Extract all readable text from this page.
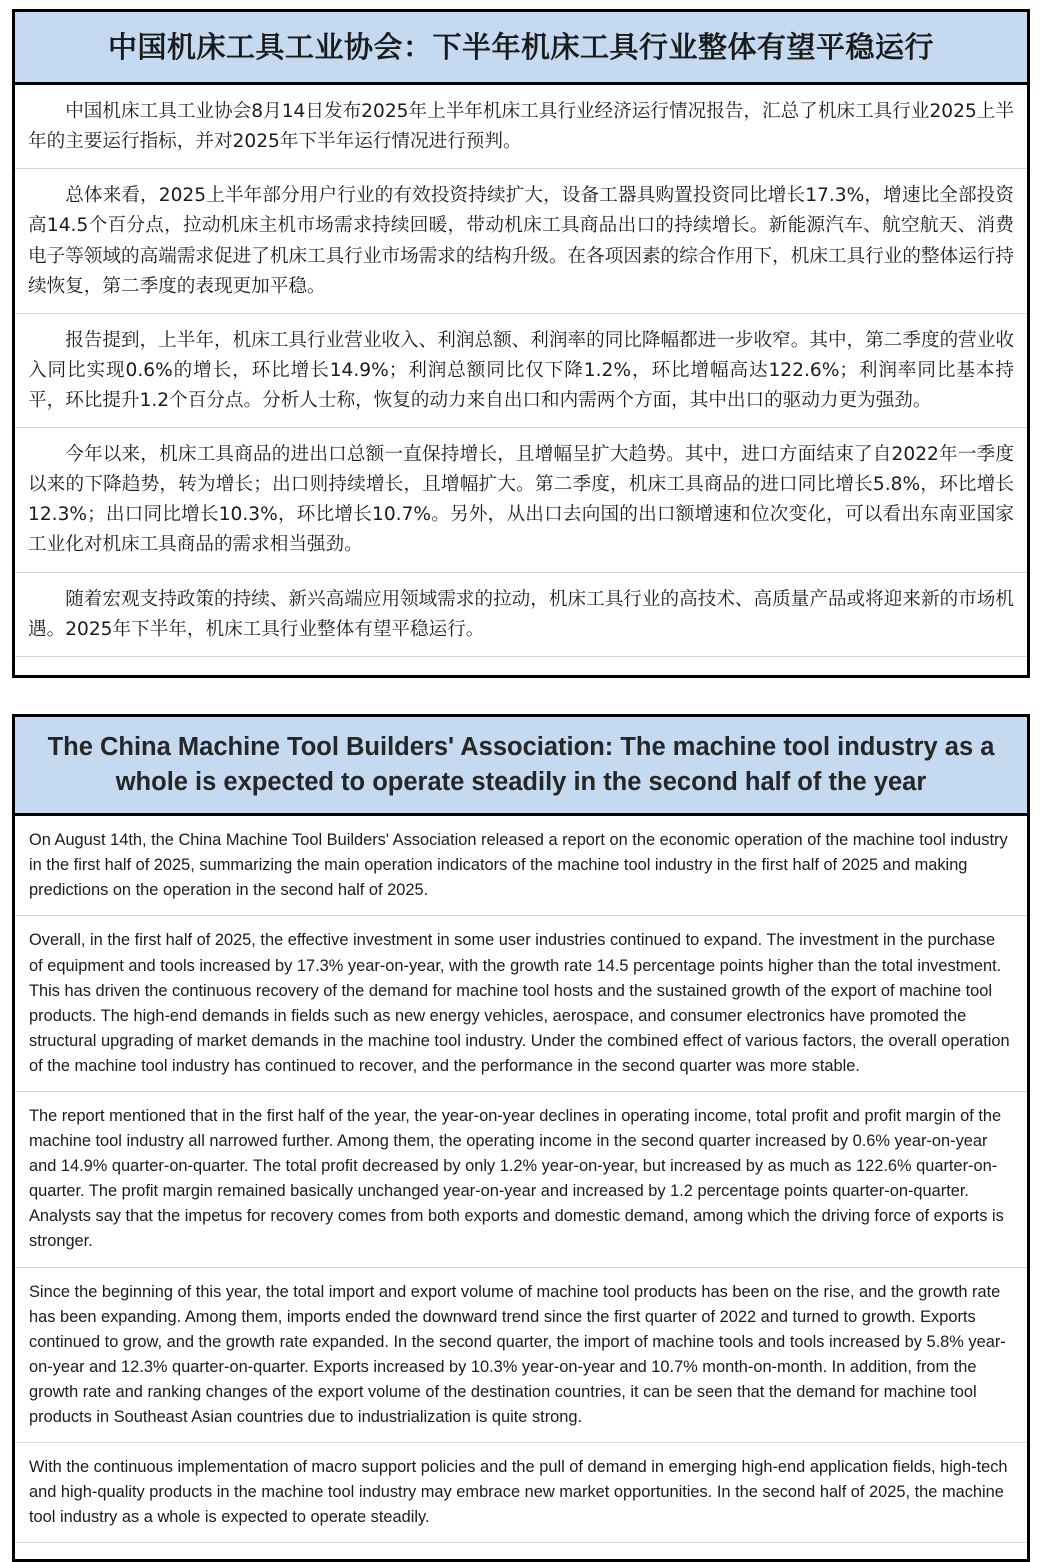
中国机床工具工业协会：下半年机床工具行业整体有望平稳运行
中国机床工具工业协会8月14日发布2025年上半年机床工具行业经济运行情况报告，汇总了机床工具行业2025上半年的主要运行指标，并对2025年下半年运行情况进行预判。
总体来看，2025上半年部分用户行业的有效投资持续扩大，设备工器具购置投资同比增长17.3%，增速比全部投资高14.5个百分点，拉动机床主机市场需求持续回暖，带动机床工具商品出口的持续增长。新能源汽车、航空航天、消费电子等领域的高端需求促进了机床工具行业市场需求的结构升级。在各项因素的综合作用下，机床工具行业的整体运行持续恢复，第二季度的表现更加平稳。
报告提到，上半年，机床工具行业营业收入、利润总额、利润率的同比降幅都进一步收窄。其中，第二季度的营业收入同比实现0.6%的增长，环比增长14.9%；利润总额同比仅下降1.2%，环比增幅高达122.6%；利润率同比基本持平，环比提升1.2个百分点。分析人士称，恢复的动力来自出口和内需两个方面，其中出口的驱动力更为强劲。
今年以来，机床工具商品的进出口总额一直保持增长，且增幅呈扩大趋势。其中，进口方面结束了自2022年一季度以来的下降趋势，转为增长；出口则持续增长，且增幅扩大。第二季度，机床工具商品的进口同比增长5.8%，环比增长12.3%；出口同比增长10.3%，环比增长10.7%。另外，从出口去向国的出口额增速和位次变化，可以看出东南亚国家工业化对机床工具商品的需求相当强劲。
随着宏观支持政策的持续、新兴高端应用领域需求的拉动，机床工具行业的高技术、高质量产品或将迎来新的市场机遇。2025年下半年，机床工具行业整体有望平稳运行。
The China Machine Tool Builders' Association: The machine tool industry as a whole is expected to operate steadily in the second half of the year
On August 14th, the China Machine Tool Builders' Association released a report on the economic operation of the machine tool industry in the first half of 2025, summarizing the main operation indicators of the machine tool industry in the first half of 2025 and making predictions on the operation in the second half of 2025.
Overall, in the first half of 2025, the effective investment in some user industries continued to expand. The investment in the purchase of equipment and tools increased by 17.3% year-on-year, with the growth rate 14.5 percentage points higher than the total investment. This has driven the continuous recovery of the demand for machine tool hosts and the sustained growth of the export of machine tool products. The high-end demands in fields such as new energy vehicles, aerospace, and consumer electronics have promoted the structural upgrading of market demands in the machine tool industry. Under the combined effect of various factors, the overall operation of the machine tool industry has continued to recover, and the performance in the second quarter was more stable.
The report mentioned that in the first half of the year, the year-on-year declines in operating income, total profit and profit margin of the machine tool industry all narrowed further. Among them, the operating income in the second quarter increased by 0.6% year-on-year and 14.9% quarter-on-quarter. The total profit decreased by only 1.2% year-on-year, but increased by as much as 122.6% quarter-on-quarter. The profit margin remained basically unchanged year-on-year and increased by 1.2 percentage points quarter-on-quarter. Analysts say that the impetus for recovery comes from both exports and domestic demand, among which the driving force of exports is stronger.
Since the beginning of this year, the total import and export volume of machine tool products has been on the rise, and the growth rate has been expanding. Among them, imports ended the downward trend since the first quarter of 2022 and turned to growth. Exports continued to grow, and the growth rate expanded. In the second quarter, the import of machine tools and tools increased by 5.8% year-on-year and 12.3% quarter-on-quarter. Exports increased by 10.3% year-on-year and 10.7% month-on-month. In addition, from the growth rate and ranking changes of the export volume of the destination countries, it can be seen that the demand for machine tool products in Southeast Asian countries due to industrialization is quite strong.
With the continuous implementation of macro support policies and the pull of demand in emerging high-end application fields, high-tech and high-quality products in the machine tool industry may embrace new market opportunities. In the second half of 2025, the machine tool industry as a whole is expected to operate steadily.
